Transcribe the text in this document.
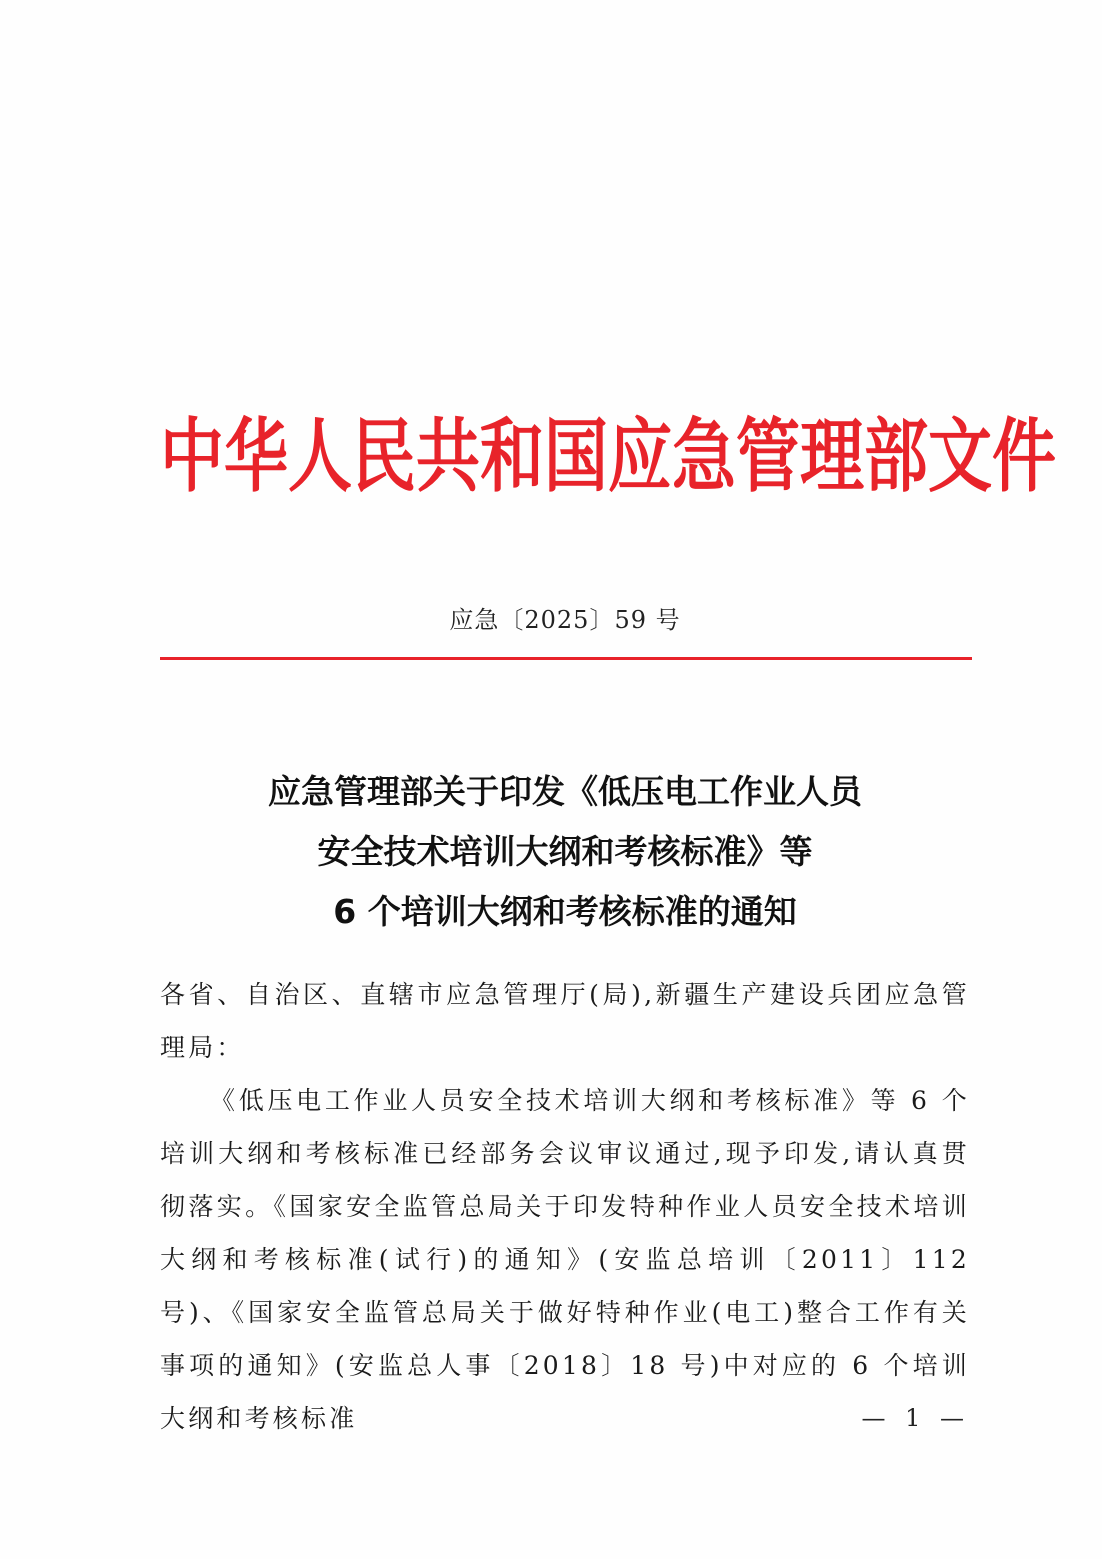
中华人民共和国应急管理部文件
应急〔2025〕59 号
应急管理部关于印发《低压电工作业人员
安全技术培训大纲和考核标准》等
6 个培训大纲和考核标准的通知

各省、自治区、直辖市应急管理厅(局),新疆生产建设兵团应急管理局：

《低压电工作业人员安全技术培训大纲和考核标准》等 6 个培训大纲和考核标准已经部务会议审议通过,现予印发,请认真贯彻落实。《国家安全监管总局关于印发特种作业人员安全技术培训大纲和考核标准(试行)的通知》(安监总培训〔2011〕112 号)、《国家安全监管总局关于做好特种作业(电工)整合工作有关事项的通知》(安监总人事〔2018〕18 号)中对应的 6 个培训大纲和考核标准	— 1 —
